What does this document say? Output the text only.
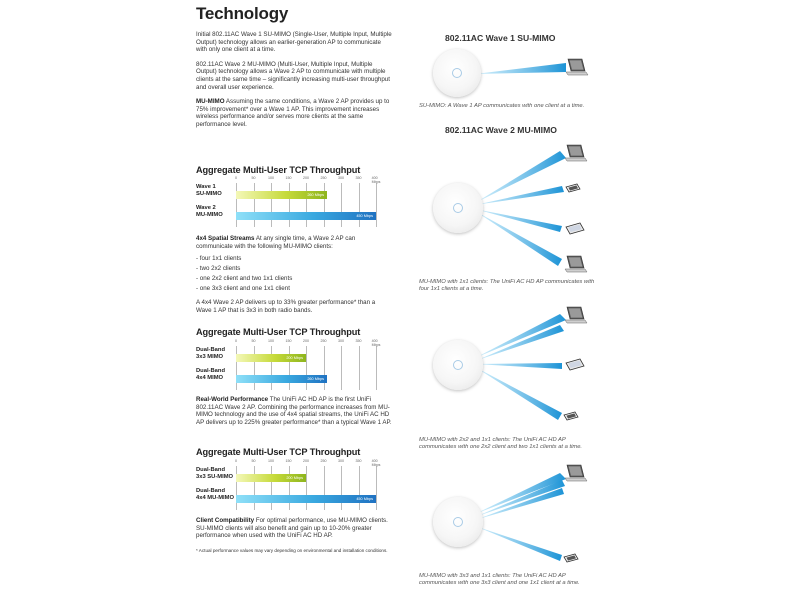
Technology

Initial 802.11AC Wave 1 SU-MIMO (Single-User, Multiple Input, Multiple Output) technology allows an earlier-generation AP to communicate with only one client at a time.

802.11AC Wave 2 MU-MIMO (Multi-User, Multiple Input, Multiple Output) technology allows a Wave 2 AP to communicate with multiple clients at the same time – significantly increasing multi-user throughput and overall user experience.

MU-MIMO Assuming the same conditions, a Wave 2 AP provides up to 75% improvement* over a Wave 1 AP. This improvement increases wireless performance and/or serves more clients at the same performance level.

Aggregate Multi-User TCP Throughput
0	50	100	150	200	250	300	350	400 Mbps
Wave 1
SU-MIMO	260 Mbps
Wave 2
MU-MIMO	450 Mbps

4x4 Spatial Streams At any single time, a Wave 2 AP can communicate with the following MU-MIMO clients:

- four 1x1 clients
- two 2x2 clients
- one 2x2 client and two 1x1 clients
- one 3x3 client and one 1x1 client

A 4x4 Wave 2 AP delivers up to 33% greater performance* than a Wave 1 AP that is 3x3 in both radio bands.

Aggregate Multi-User TCP Throughput
0	50	100	150	200	250	300	350	400 Mbps
Dual-Band
3x3 MIMO	200 Mbps
Dual-Band
4x4 MIMO	260 Mbps

Real-World Performance The UniFi AC HD AP is the first UniFi 802.11AC Wave 2 AP. Combining the performance increases from MU-MIMO technology and the use of 4x4 spatial streams, the UniFi AC HD AP delivers up to 225% greater performance* than a typical Wave 1 AP.

Aggregate Multi-User TCP Throughput
0	50	100	150	200	250	300	350	400 Mbps
Dual-Band
3x3 SU-MIMO	200 Mbps
Dual-Band
4x4 MU-MIMO	450 Mbps

Client Compatibility For optimal performance, use MU-MIMO clients. SU-MIMO clients will also benefit and gain up to 10-20% greater performance when used with the UniFi AC HD AP.

* Actual performance values may vary depending on environmental and installation conditions.

802.11AC Wave 1 SU-MIMO
SU-MIMO: A Wave 1 AP communicates with one client at a time.
802.11AC Wave 2 MU-MIMO
MU-MIMO with 1x1 clients: The UniFi AC HD AP communicates with four 1x1 clients at a time.
MU-MIMO with 2x2 and 1x1 clients: The UniFi AC HD AP communicates with one 2x2 client and two 1x1 clients at a time.
MU-MIMO with 3x3 and 1x1 clients: The UniFi AC HD AP communicates with one 3x3 client and one 1x1 client at a time.
